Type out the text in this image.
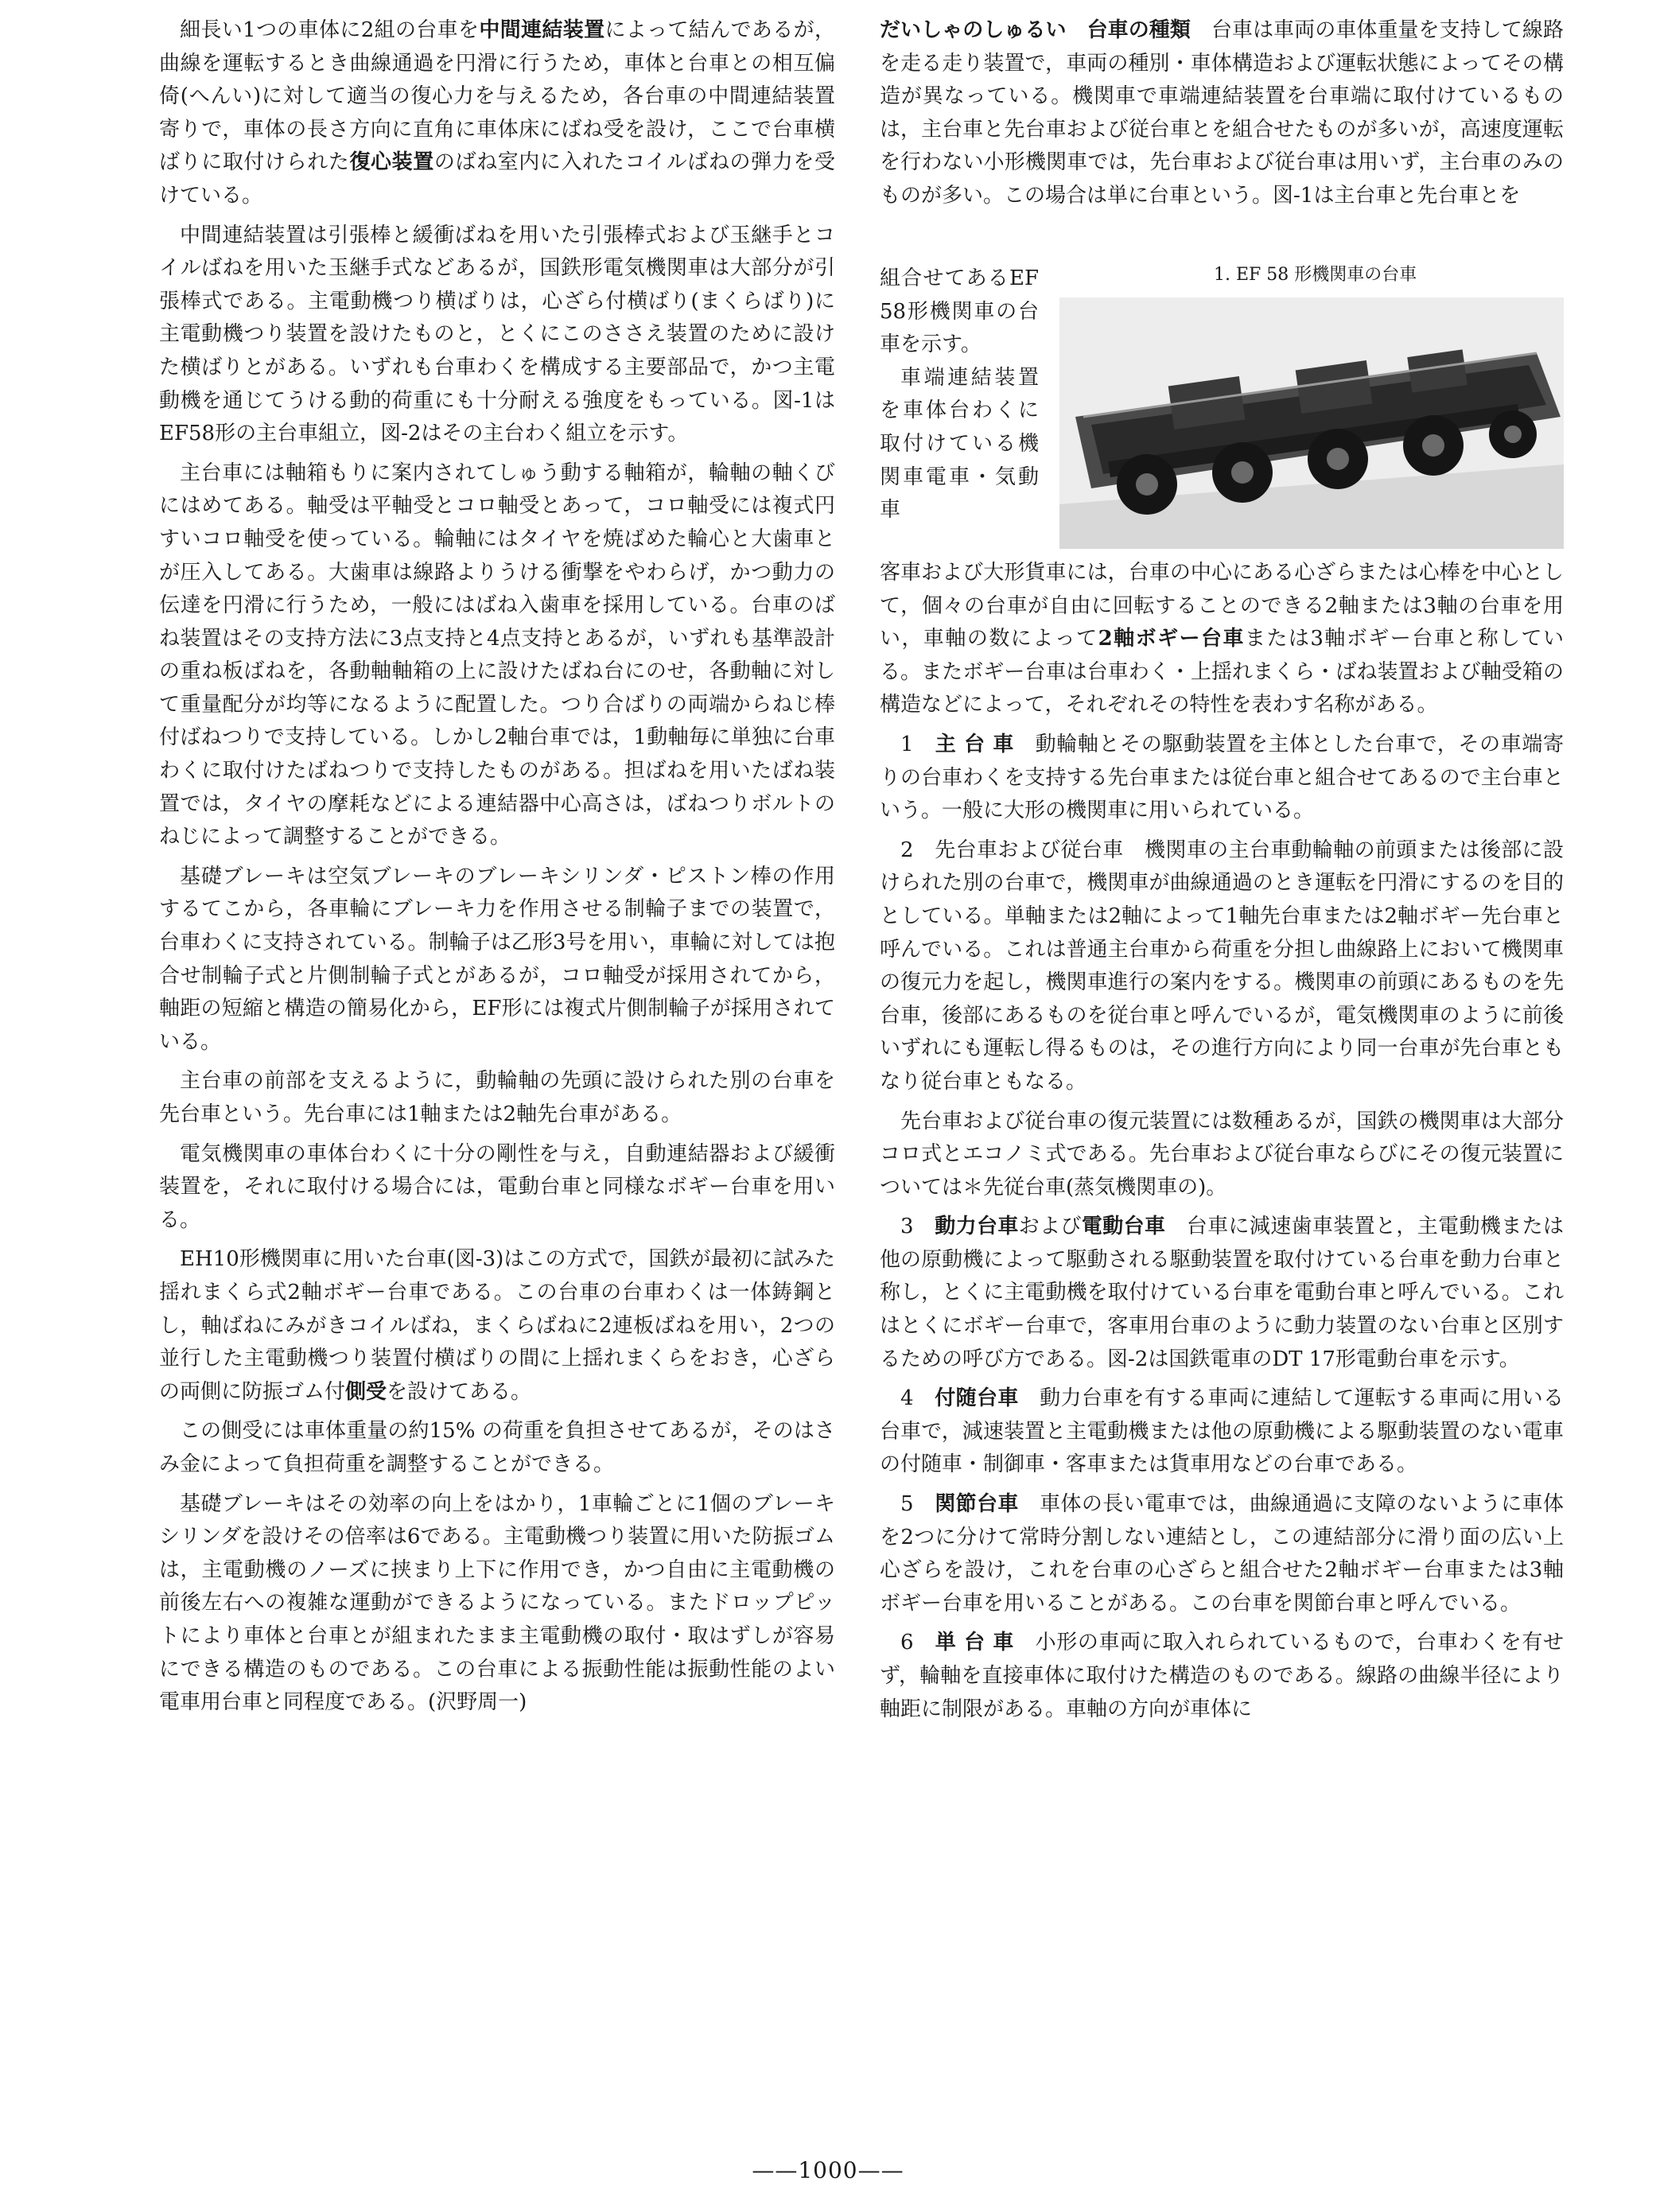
細長い1つの車体に2組の台車を中間連結装置によって結んであるが，曲線を運転するとき曲線通過を円滑に行うため，車体と台車との相互偏倚(へんい)に対して適当の復心力を与えるため，各台車の中間連結装置寄りで，車体の長さ方向に直角に車体床にばね受を設け，ここで台車横ばりに取付けられた復心装置のばね室内に入れたコイルばねの弾力を受けている。

中間連結装置は引張棒と緩衝ばねを用いた引張棒式および玉継手とコイルばねを用いた玉継手式などあるが，国鉄形電気機関車は大部分が引張棒式である。主電動機つり横ばりは，心ざら付横ばり(まくらばり)に主電動機つり装置を設けたものと，とくにこのささえ装置のために設けた横ばりとがある。いずれも台車わくを構成する主要部品で，かつ主電動機を通じてうける動的荷重にも十分耐える強度をもっている。図-1はEF58形の主台車組立，図-2はその主台わく組立を示す。

主台車には軸箱もりに案内されてしゅう動する軸箱が，輪軸の軸くびにはめてある。軸受は平軸受とコロ軸受とあって，コロ軸受には複式円すいコロ軸受を使っている。輪軸にはタイヤを焼ばめた輪心と大歯車とが圧入してある。大歯車は線路よりうける衝撃をやわらげ，かつ動力の伝達を円滑に行うため，一般にはばね入歯車を採用している。台車のばね装置はその支持方法に3点支持と4点支持とあるが，いずれも基準設計の重ね板ばねを，各動軸軸箱の上に設けたばね台にのせ，各動軸に対して重量配分が均等になるように配置した。つり合ばりの両端からねじ棒付ばねつりで支持している。しかし2軸台車では，1動軸毎に単独に台車わくに取付けたばねつりで支持したものがある。担ばねを用いたばね装置では，タイヤの摩耗などによる連結器中心高さは，ばねつりボルトのねじによって調整することができる。

基礎ブレーキは空気ブレーキのブレーキシリンダ・ピストン棒の作用するてこから，各車輪にブレーキ力を作用させる制輪子までの装置で，台車わくに支持されている。制輪子は乙形3号を用い，車輪に対しては抱合せ制輪子式と片側制輪子式とがあるが，コロ軸受が採用されてから，軸距の短縮と構造の簡易化から，EF形には複式片側制輪子が採用されている。

主台車の前部を支えるように，動輪軸の先頭に設けられた別の台車を先台車という。先台車には1軸または2軸先台車がある。

電気機関車の車体台わくに十分の剛性を与え，自動連結器および緩衝装置を，それに取付ける場合には，電動台車と同様なボギー台車を用いる。

EH10形機関車に用いた台車(図-3)はこの方式で，国鉄が最初に試みた揺れまくら式2軸ボギー台車である。この台車の台車わくは一体鋳鋼とし，軸ばねにみがきコイルばね，まくらばねに2連板ばねを用い，2つの並行した主電動機つり装置付横ばりの間に上揺れまくらをおき，心ざらの両側に防振ゴム付側受を設けてある。

この側受には車体重量の約15% の荷重を負担させてあるが，そのはさみ金によって負担荷重を調整することができる。

基礎ブレーキはその効率の向上をはかり，1車輪ごとに1個のブレーキシリンダを設けその倍率は6である。主電動機つり装置に用いた防振ゴムは，主電動機のノーズに挟まり上下に作用でき，かつ自由に主電動機の前後左右への複雑な運動ができるようになっている。またドロップピットにより車体と台車とが組まれたまま主電動機の取付・取はずしが容易にできる構造のものである。この台車による振動性能は振動性能のよい電車用台車と同程度である。(沢野周一)

だいしゃのしゅるい　台車の種類　台車は車両の車体重量を支持して線路を走る走り装置で，車両の種別・車体構造および運転状態によってその構造が異なっている。機関車で車端連結装置を台車端に取付けているものは，主台車と先台車および従台車とを組合せたものが多いが，高速度運転を行わない小形機関車では，先台車および従台車は用いず，主台車のみのものが多い。この場合は単に台車という。図-1は主台車と先台車とを

組合せてあるEF 58形機関車の台車を示す。

車端連結装置を車体台わくに取付けている機関車電車・気動車

1. EF 58 形機関車の台車

客車および大形貨車には，台車の中心にある心ざらまたは心棒を中心として，個々の台車が自由に回転することのできる2軸または3軸の台車を用い，車軸の数によって2軸ボギー台車または3軸ボギー台車と称している。またボギー台車は台車わく・上揺れまくら・ばね装置および軸受箱の構造などによって，それぞれその特性を表わす名称がある。

1　主 台 車　動輪軸とその駆動装置を主体とした台車で，その車端寄りの台車わくを支持する先台車または従台車と組合せてあるので主台車という。一般に大形の機関車に用いられている。

2　先台車および従台車　機関車の主台車動輪軸の前頭または後部に設けられた別の台車で，機関車が曲線通過のとき運転を円滑にするのを目的としている。単軸または2軸によって1軸先台車または2軸ボギー先台車と呼んでいる。これは普通主台車から荷重を分担し曲線路上において機関車の復元力を起し，機関車進行の案内をする。機関車の前頭にあるものを先台車，後部にあるものを従台車と呼んでいるが，電気機関車のように前後いずれにも運転し得るものは，その進行方向により同一台車が先台車ともなり従台車ともなる。

先台車および従台車の復元装置には数種あるが，国鉄の機関車は大部分コロ式とエコノミ式である。先台車および従台車ならびにその復元装置については＊先従台車(蒸気機関車の)。

3　動力台車および電動台車　台車に減速歯車装置と，主電動機または他の原動機によって駆動される駆動装置を取付けている台車を動力台車と称し，とくに主電動機を取付けている台車を電動台車と呼んでいる。これはとくにボギー台車で，客車用台車のように動力装置のない台車と区別するための呼び方である。図-2は国鉄電車のDT 17形電動台車を示す。

4　付随台車　動力台車を有する車両に連結して運転する車両に用いる台車で，減速装置と主電動機または他の原動機による駆動装置のない電車の付随車・制御車・客車または貨車用などの台車である。

5　関節台車　車体の長い電車では，曲線通過に支障のないように車体を2つに分けて常時分割しない連結とし，この連結部分に滑り面の広い上心ざらを設け，これを台車の心ざらと組合せた2軸ボギー台車または3軸ボギー台車を用いることがある。この台車を関節台車と呼んでいる。

6　単 台 車　小形の車両に取入れられているもので，台車わくを有せず，輪軸を直接車体に取付けた構造のものである。線路の曲線半径により軸距に制限がある。車軸の方向が車体に

——1000——
